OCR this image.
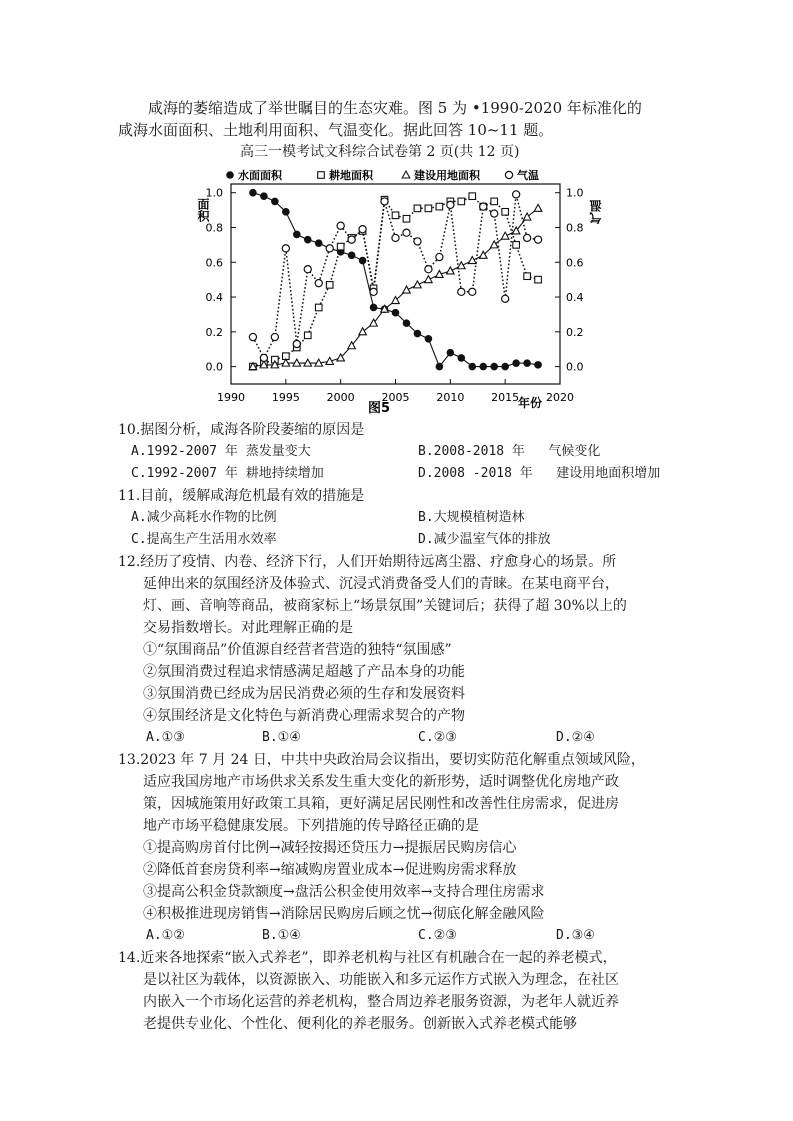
咸海的萎缩造成了举世瞩目的生态灾难。图 5 为 •1990-2020 年标准化的
咸海水面面积、土地利用面积、气温变化。据此回答 10~11 题。
高三一模考试文科综合试卷第 2 页(共 12 页)
水面面积	耕地面积	建设用地面积	气温
1990 1995 2000 2005 2010 2015 2020
0.0
0.2
0.4
0.6
0.8
1.0
0.0
0.2
0.4
0.6
0.8
1.0
面积	气温
年份
图5
10.据图分析，咸海各阶段萎缩的原因是
A.1992-2007 年 蒸发量变大	B.2008-2018 年   气候变化
C.1992-2007 年 耕地持续增加	D.2008 -2018 年   建设用地面积增加
11.目前，缓解咸海危机最有效的措施是
A.减少高耗水作物的比例	B.大规模植树造林
C.提高生产生活用水效率	D.减少温室气体的排放
12.经历了疫情、内卷、经济下行，人们开始期待远离尘嚣、疗愈身心的场景。所
延伸出来的氛围经济及体验式、沉浸式消费备受人们的青睐。在某电商平台，
灯、画、音响等商品，被商家标上“场景氛围”关键词后；获得了超 30%以上的
交易指数增长。对此理解正确的是
①“氛围商品”价值源自经营者营造的独特“氛围感”
②氛围消费过程追求情感满足超越了产品本身的功能
③氛围消费已经成为居民消费必须的生存和发展资料
④氛围经济是文化特色与新消费心理需求契合的产物
A.①③	B.①④	C.②③	D.②④
13.2023 年 7 月 24 日，中共中央政治局会议指出，要切实防范化解重点领域风险，
适应我国房地产市场供求关系发生重大变化的新形势，适时调整优化房地产政
策，因城施策用好政策工具箱，更好满足居民刚性和改善性住房需求，促进房
地产市场平稳健康发展。下列措施的传导路径正确的是
①提高购房首付比例→减轻按揭还贷压力→提振居民购房信心
②降低首套房贷利率→缩减购房置业成本→促进购房需求释放
③提高公积金贷款额度→盘活公积金使用效率→支持合理住房需求
④积极推进现房销售→消除居民购房后顾之忧→彻底化解金融风险
A.①②	B.①④	C.②③	D.③④
14.近来各地探索“嵌入式养老”，即养老机构与社区有机融合在一起的养老模式，
是以社区为载体，以资源嵌入、功能嵌入和多元运作方式嵌入为理念，在社区
内嵌入一个市场化运营的养老机构，整合周边养老服务资源，为老年人就近养
老提供专业化、个性化、便利化的养老服务。创新嵌入式养老模式能够
